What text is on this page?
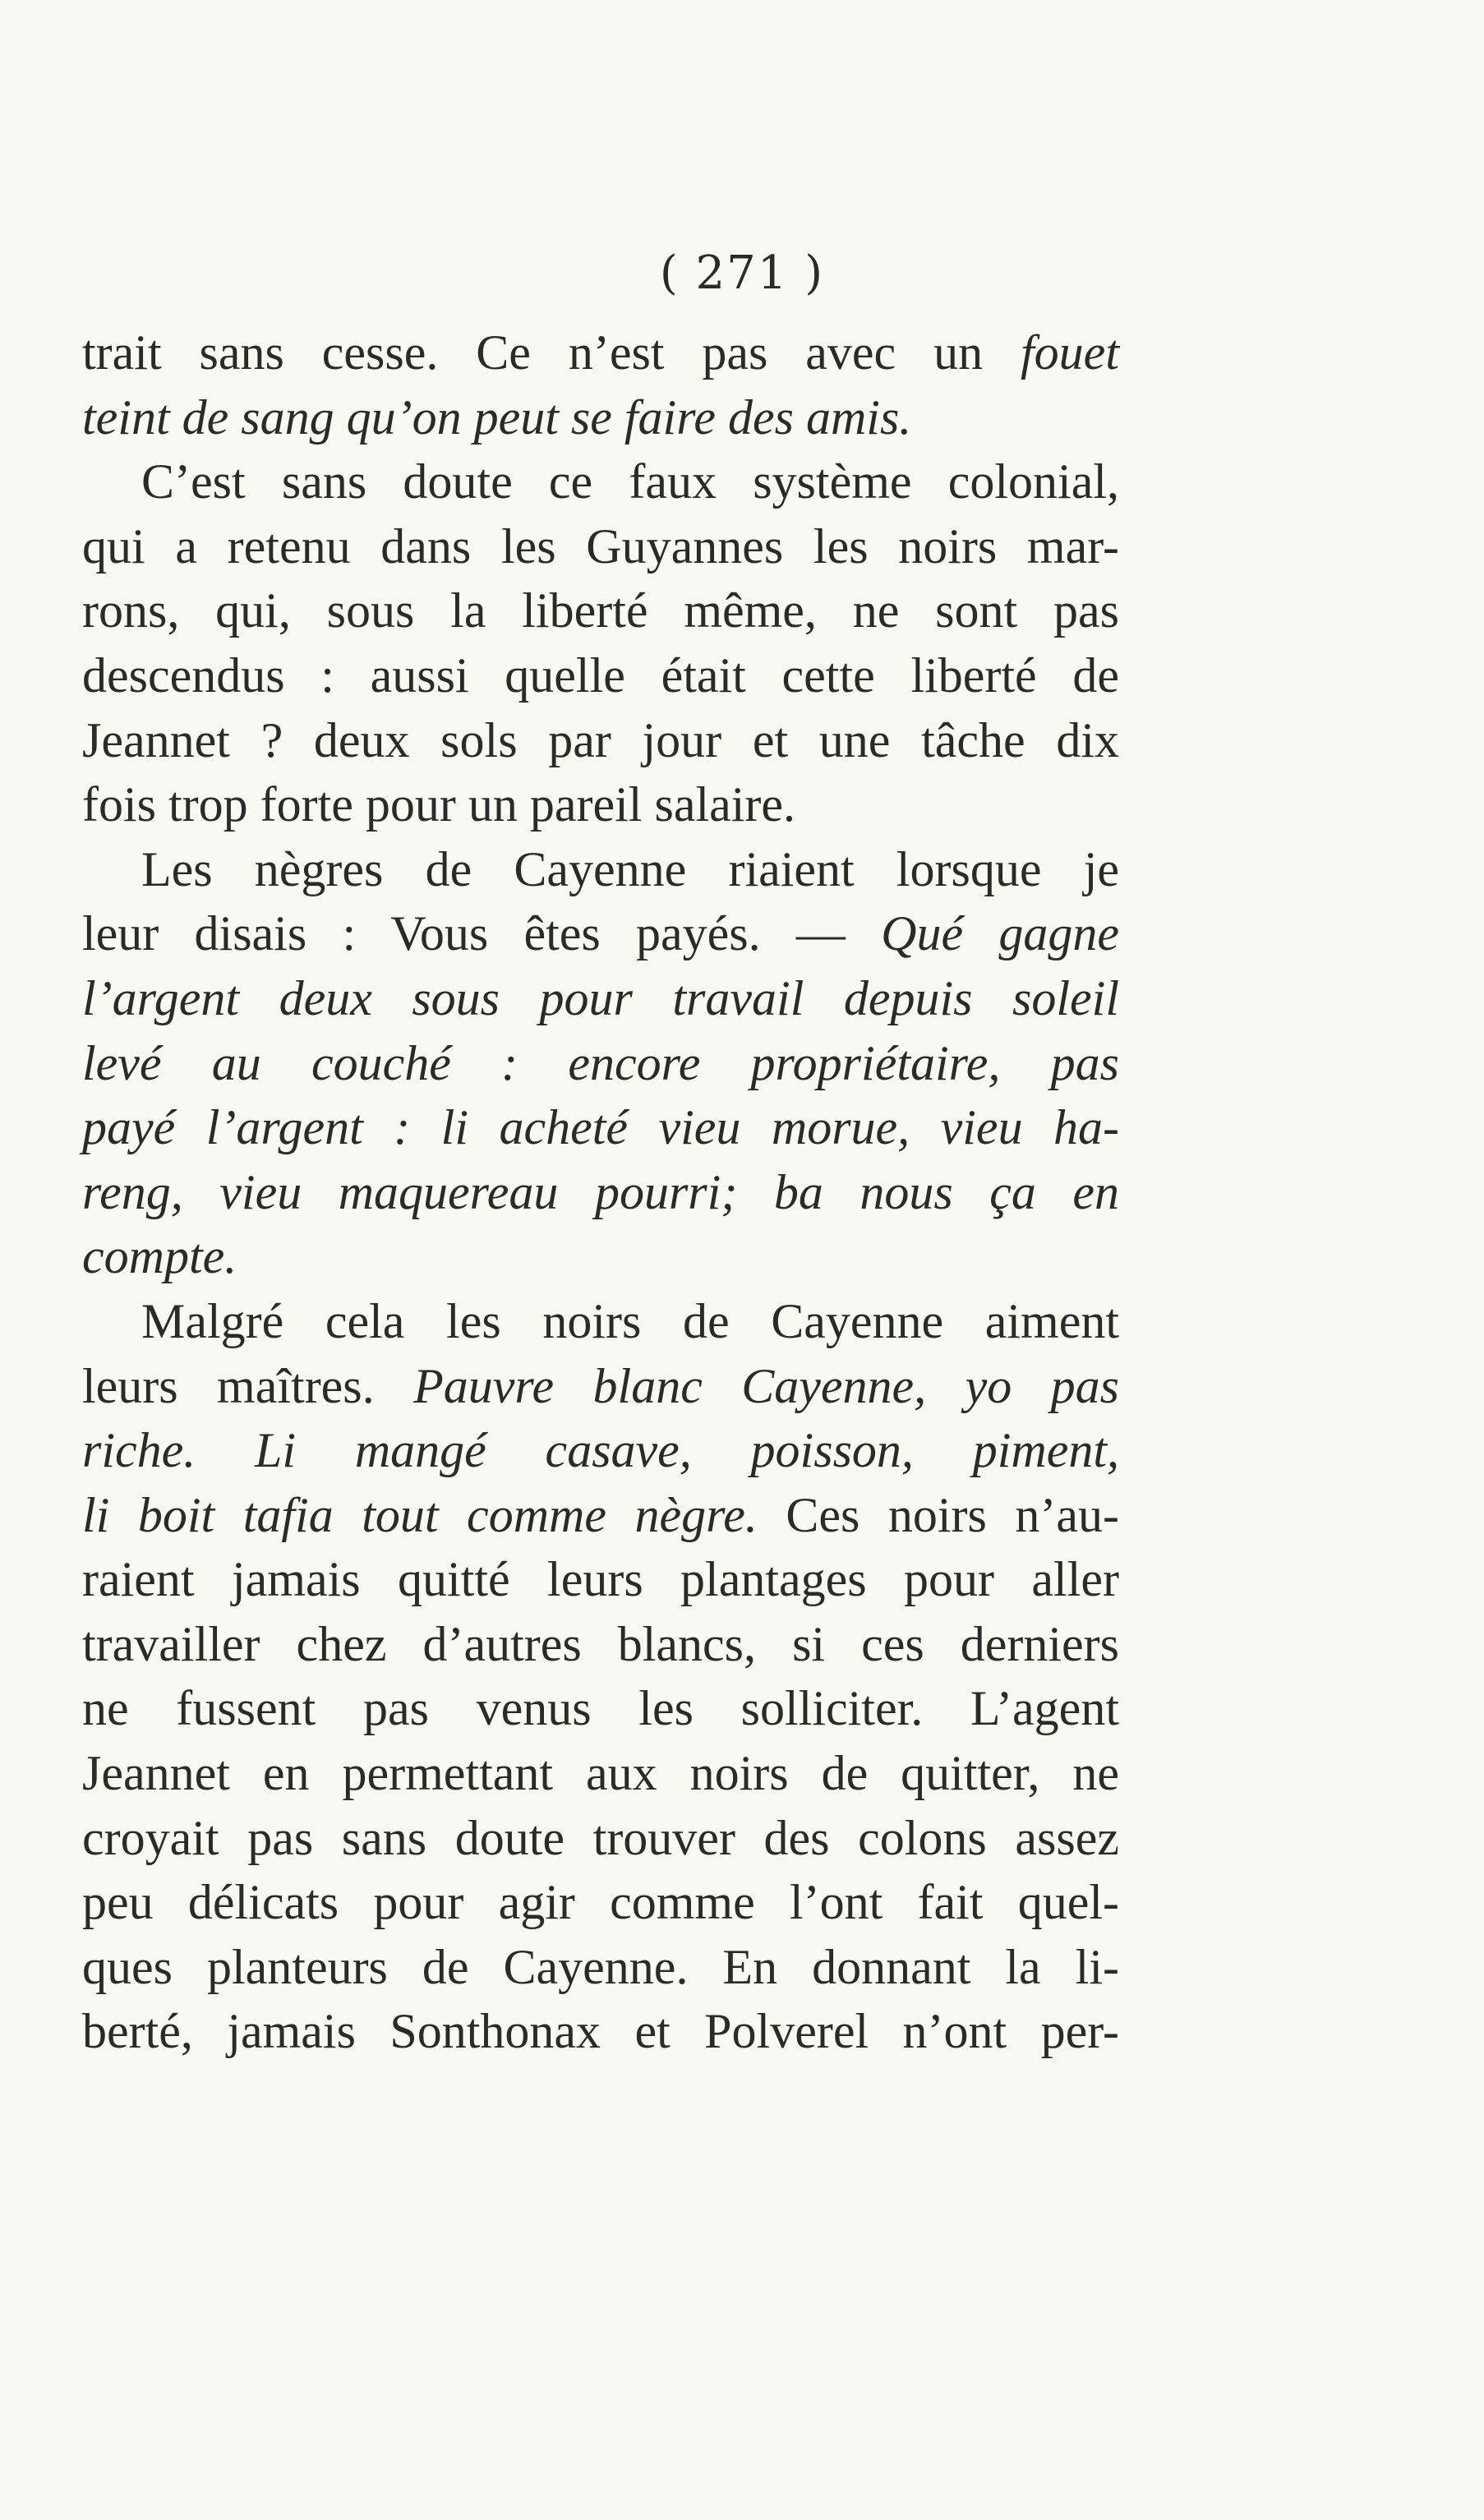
( 271 )
trait sans cesse. Ce n’est pas avec un fouet
teint de sang qu’on peut se faire des amis.
C’est sans doute ce faux système colonial,
qui a retenu dans les Guyannes les noirs mar-
rons, qui, sous la liberté même, ne sont pas
descendus : aussi quelle était cette liberté de
Jeannet ? deux sols par jour et une tâche dix
fois trop forte pour un pareil salaire.
Les nègres de Cayenne riaient lorsque je
leur disais : Vous êtes payés. — Qué gagne
l’argent deux sous pour travail depuis soleil
levé au couché : encore propriétaire, pas
payé l’argent : li acheté vieu morue, vieu ha-
reng, vieu maquereau pourri; ba nous ça en
compte.
Malgré cela les noirs de Cayenne aiment
leurs maîtres. Pauvre blanc Cayenne, yo pas
riche. Li mangé casave, poisson, piment,
li boit tafia tout comme nègre. Ces noirs n’au-
raient jamais quitté leurs plantages pour aller
travailler chez d’autres blancs, si ces derniers
ne fussent pas venus les solliciter. L’agent
Jeannet en permettant aux noirs de quitter, ne
croyait pas sans doute trouver des colons assez
peu délicats pour agir comme l’ont fait quel-
ques planteurs de Cayenne. En donnant la li-
berté, jamais Sonthonax et Polverel n’ont per-
